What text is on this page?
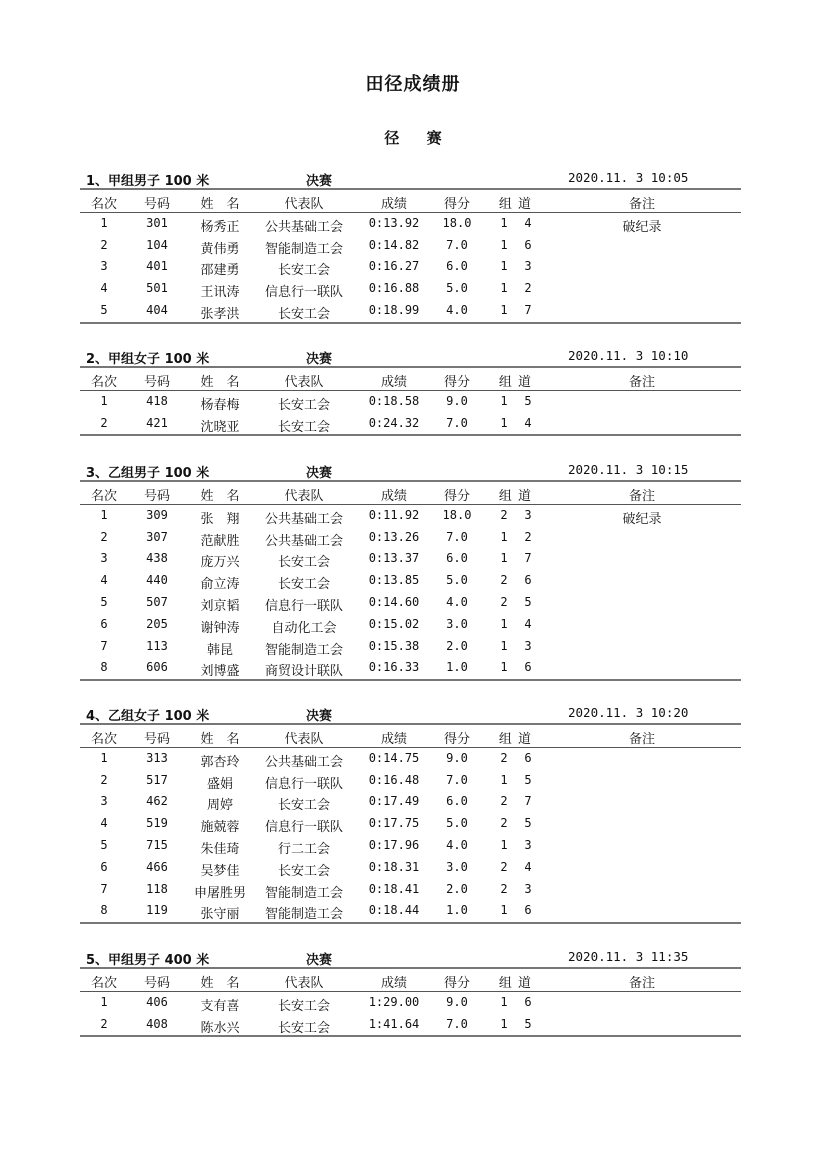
田径成绩册
径 赛
1、甲组男子 100 米	决赛	2020.11. 3 10:05
名次	号码	姓　名	代表队	成绩	得分	组 道	备注
1	301	杨秀正	公共基础工会	0:13.92	18.0	1	4	破纪录
2	104	黄伟勇	智能制造工会	0:14.82	7.0	1	6
3	401	邵建勇	长安工会	0:16.27	6.0	1	3
4	501	王讯涛	信息行一联队	0:16.88	5.0	1	2
5	404	张孝洪	长安工会	0:18.99	4.0	1	7
2、甲组女子 100 米	决赛	2020.11. 3 10:10
名次	号码	姓　名	代表队	成绩	得分	组 道	备注
1	418	杨春梅	长安工会	0:18.58	9.0	1	5
2	421	沈晓亚	长安工会	0:24.32	7.0	1	4
3、乙组男子 100 米	决赛	2020.11. 3 10:15
名次	号码	姓　名	代表队	成绩	得分	组 道	备注
1	309	张　翔	公共基础工会	0:11.92	18.0	2	3	破纪录
2	307	范献胜	公共基础工会	0:13.26	7.0	1	2
3	438	庞万兴	长安工会	0:13.37	6.0	1	7
4	440	俞立涛	长安工会	0:13.85	5.0	2	6
5	507	刘京韬	信息行一联队	0:14.60	4.0	2	5
6	205	谢钟涛	自动化工会	0:15.02	3.0	1	4
7	113	韩昆	智能制造工会	0:15.38	2.0	1	3
8	606	刘博盛	商贸设计联队	0:16.33	1.0	1	6
4、乙组女子 100 米	决赛	2020.11. 3 10:20
名次	号码	姓　名	代表队	成绩	得分	组 道	备注
1	313	郭杏玲	公共基础工会	0:14.75	9.0	2	6
2	517	盛娟	信息行一联队	0:16.48	7.0	1	5
3	462	周婷	长安工会	0:17.49	6.0	2	7
4	519	施兢蓉	信息行一联队	0:17.75	5.0	2	5
5	715	朱佳琦	行二工会	0:17.96	4.0	1	3
6	466	吴梦佳	长安工会	0:18.31	3.0	2	4
7	118	申屠胜男	智能制造工会	0:18.41	2.0	2	3
8	119	张守丽	智能制造工会	0:18.44	1.0	1	6
5、甲组男子 400 米	决赛	2020.11. 3 11:35
名次	号码	姓　名	代表队	成绩	得分	组 道	备注
1	406	支有喜	长安工会	1:29.00	9.0	1	6
2	408	陈水兴	长安工会	1:41.64	7.0	1	5
